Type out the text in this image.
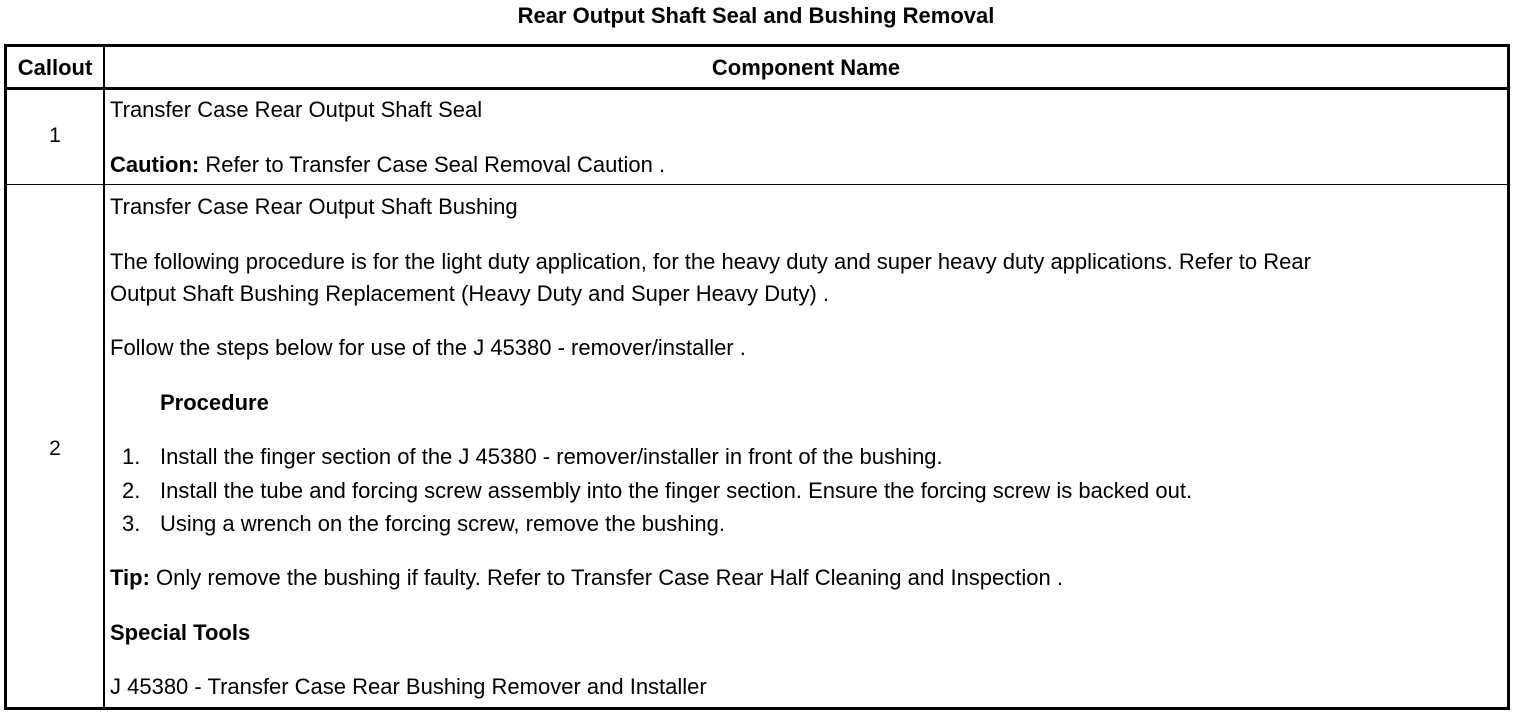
Rear Output Shaft Seal and Bushing Removal
Callout	Component Name
1
Transfer Case Rear Output Shaft Seal
Caution: Refer to Transfer Case Seal Removal Caution .
2
Transfer Case Rear Output Shaft Bushing
The following procedure is for the light duty application, for the heavy duty and super heavy duty applications. Refer to Rear
Output Shaft Bushing Replacement (Heavy Duty and Super Heavy Duty) .
Follow the steps below for use of the J 45380 - remover/installer .
Procedure
1. Install the finger section of the J 45380 - remover/installer in front of the bushing.
2. Install the tube and forcing screw assembly into the finger section. Ensure the forcing screw is backed out.
3. Using a wrench on the forcing screw, remove the bushing.
Tip: Only remove the bushing if faulty. Refer to Transfer Case Rear Half Cleaning and Inspection .
Special Tools
J 45380 - Transfer Case Rear Bushing Remover and Installer
